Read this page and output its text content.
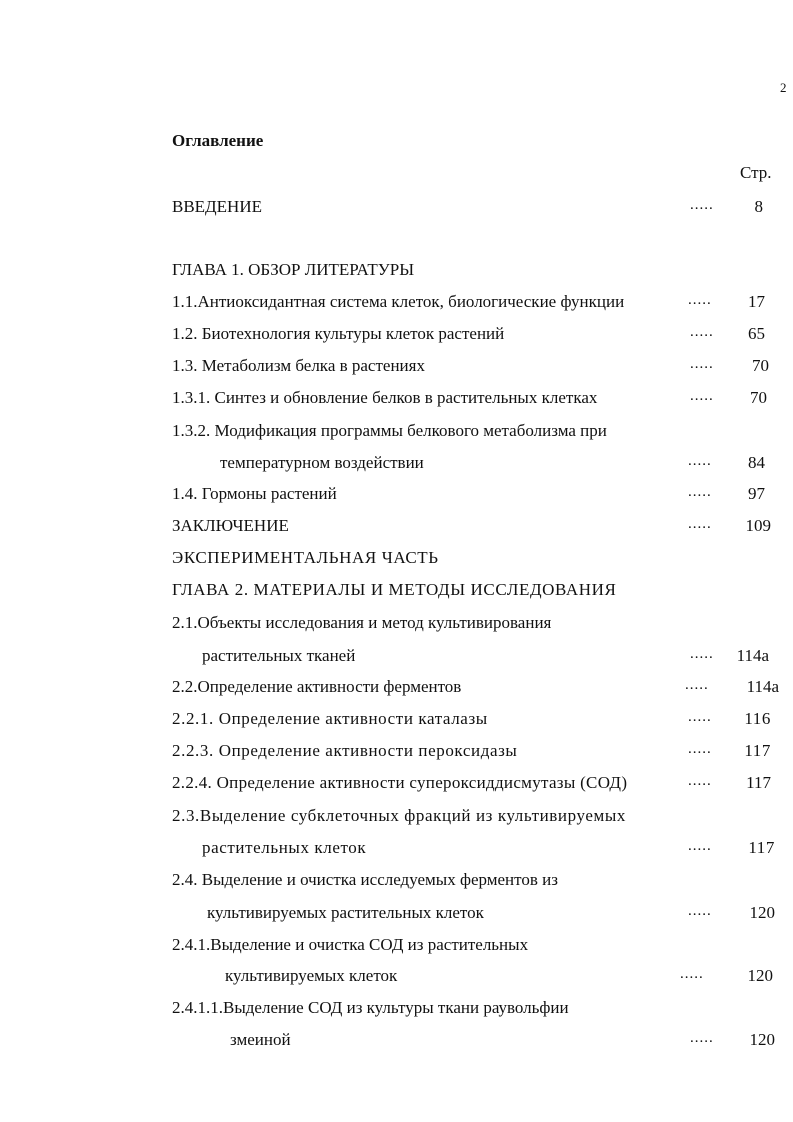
2
Оглавление
Стр.
ВВЕДЕНИЕ	..... 8
ГЛАВА 1. ОБЗОР ЛИТЕРАТУРЫ
1.1.Антиоксидантная система клеток, биологические функции	..... 17
1.2. Биотехнология культуры клеток растений	..... 65
1.3. Метаболизм белка в растениях	..... 70
1.3.1. Синтез и обновление белков в растительных клетках	..... 70
1.3.2. Модификация программы белкового метаболизма при
температурном воздействии	..... 84
1.4. Гормоны растений	..... 97
ЗАКЛЮЧЕНИЕ	..... 109
ЭКСПЕРИМЕНТАЛЬНАЯ ЧАСТЬ
ГЛАВА 2. МАТЕРИАЛЫ И МЕТОДЫ ИССЛЕДОВАНИЯ
2.1.Объекты исследования и метод культивирования
растительных тканей	..... 114а
2.2.Определение активности ферментов	..... 114а
2.2.1. Определение активности каталазы	..... 116
2.2.3. Определение активности пероксидазы	..... 117
2.2.4. Определение активности супероксиддисмутазы (СОД)	..... 117
2.3.Выделение субклеточных фракций из культивируемых
растительных клеток	..... 117
2.4. Выделение и очистка исследуемых ферментов из
культивируемых растительных клеток	..... 120
2.4.1.Выделение и очистка СОД из растительных
культивируемых клеток	.....	120
2.4.1.1.Выделение СОД из культуры ткани раувольфии
змеиной	..... 120
